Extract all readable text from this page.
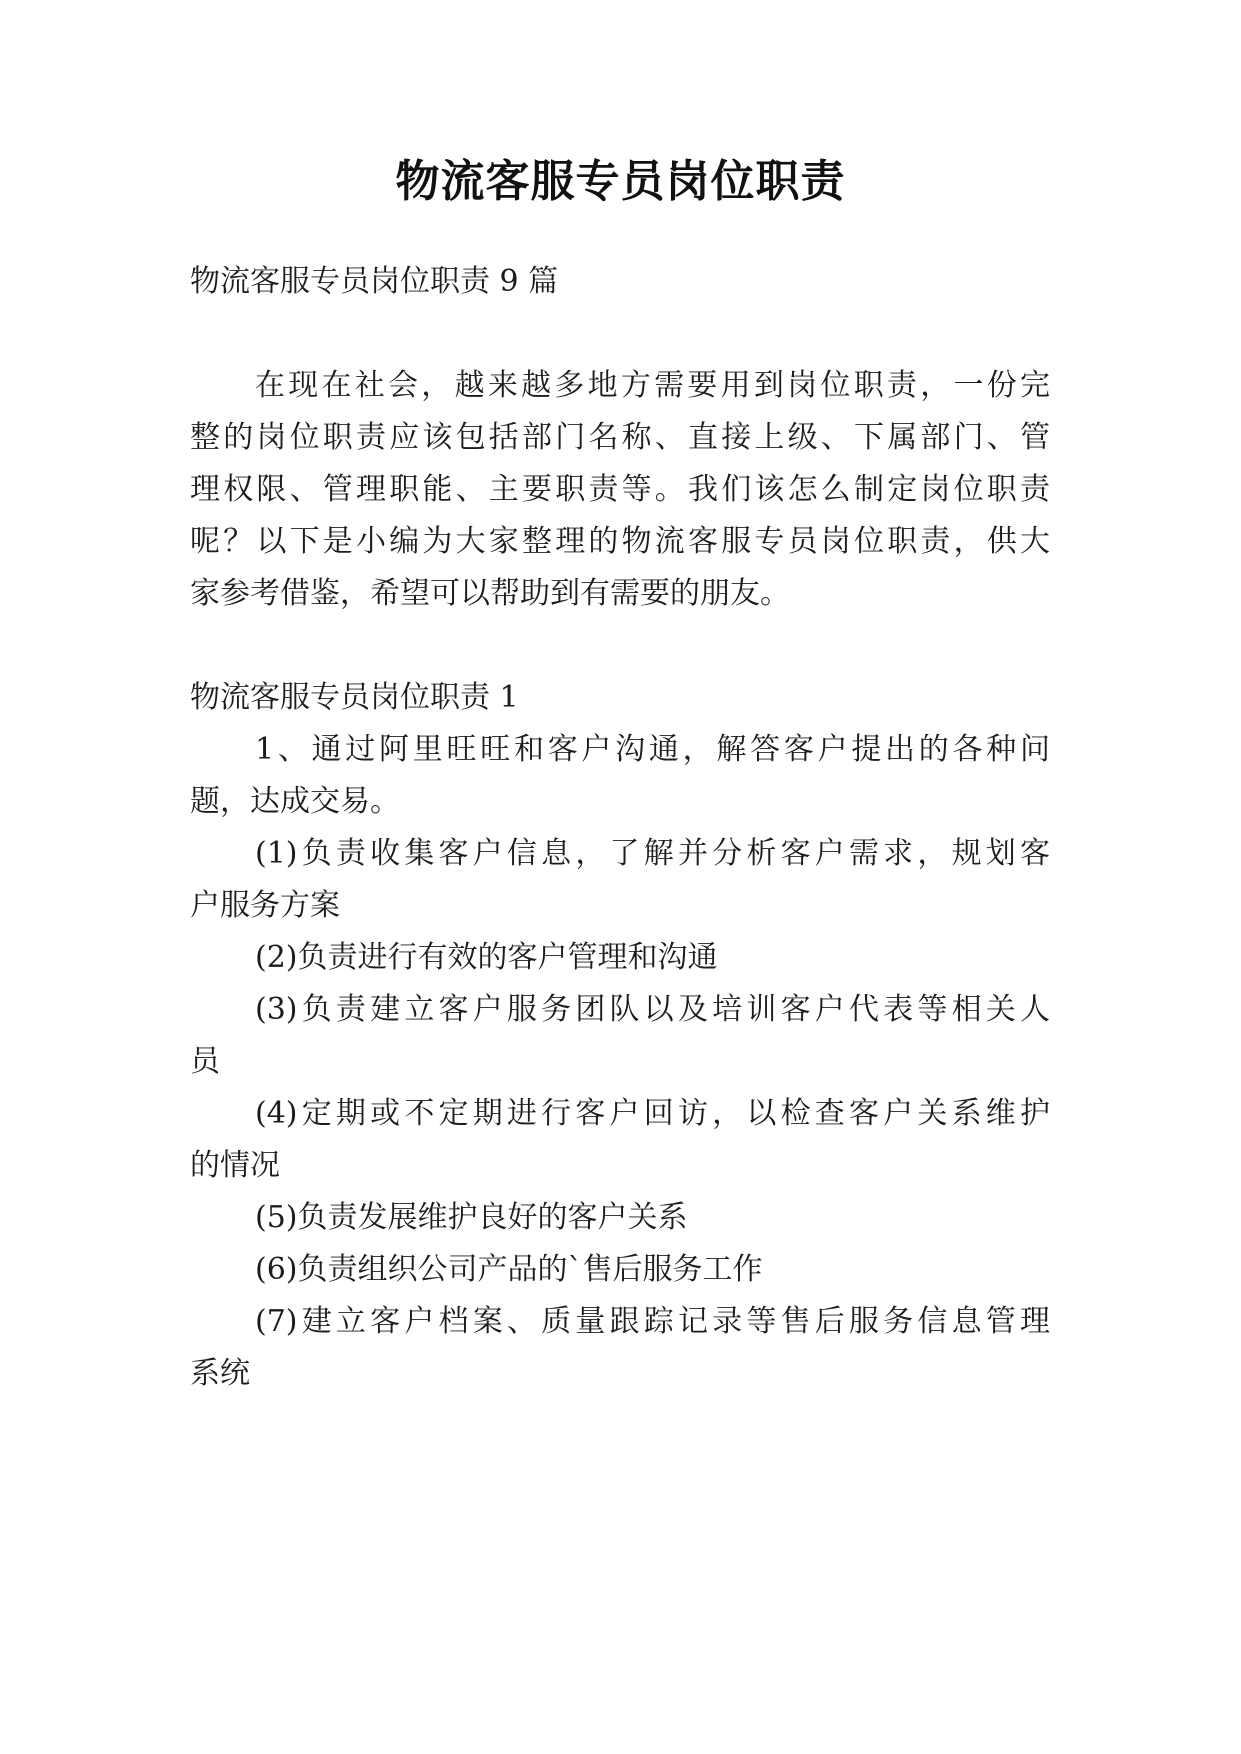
物流客服专员岗位职责
物流客服专员岗位职责 9 篇
在现在社会，越来越多地方需要用到岗位职责，一份完
整的岗位职责应该包括部门名称、直接上级、下属部门、管
理权限、管理职能、主要职责等。我们该怎么制定岗位职责
呢？以下是小编为大家整理的物流客服专员岗位职责，供大
家参考借鉴，希望可以帮助到有需要的朋友。
物流客服专员岗位职责 1
1、通过阿里旺旺和客户沟通，解答客户提出的各种问
题，达成交易。
(1)负责收集客户信息，了解并分析客户需求，规划客
户服务方案
(2)负责进行有效的客户管理和沟通
(3)负责建立客户服务团队以及培训客户代表等相关人
员
(4)定期或不定期进行客户回访，以检查客户关系维护
的情况
(5)负责发展维护良好的客户关系
(6)负责组织公司产品的`售后服务工作
(7)建立客户档案、质量跟踪记录等售后服务信息管理
系统
